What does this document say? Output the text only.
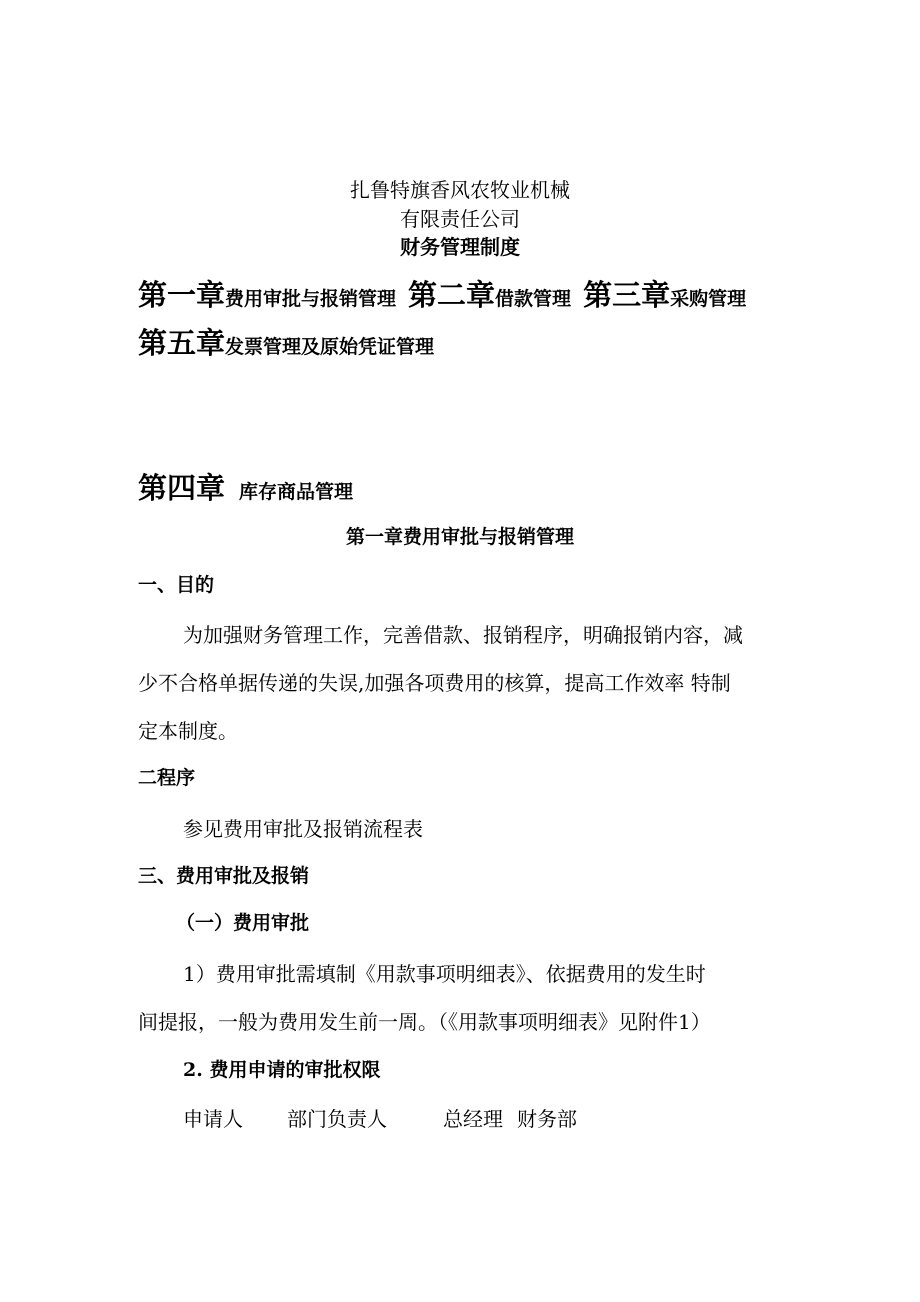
扎鲁特旗香风农牧业机械
有限责任公司
财务管理制度
第一章费用审批与报销管理 第二章借款管理 第三章采购管理
第五章发票管理及原始凭证管理
第四章 库存商品管理
第一章费用审批与报销管理
一、目的
为加强财务管理工作，完善借款、报销程序，明确报销内容，减
少不合格单据传递的失误,加强各项费用的核算，提高工作效率 特制
定本制度。
二程序
参见费用审批及报销流程表
三、费用审批及报销
（一）费用审批
1）费用审批需填制《用款事项明细表》、依据费用的发生时
间提报，一般为费用发生前一周。（《用款事项明细表》见附件1）
2. 费用申请的审批权限
申请人 部门负责人	总经理 财务部
